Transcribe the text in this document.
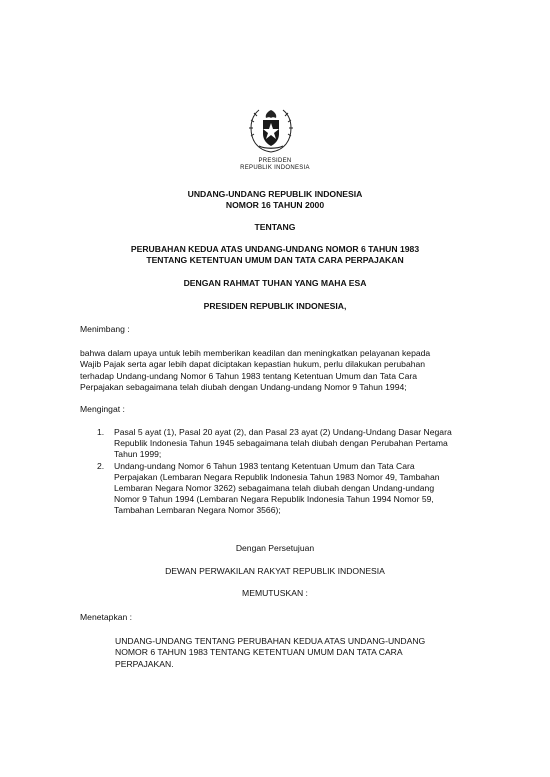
PRESIDEN
REPUBLIK INDONESIA
UNDANG-UNDANG REPUBLIK INDONESIA
NOMOR 16 TAHUN 2000
TENTANG
PERUBAHAN KEDUA ATAS UNDANG-UNDANG NOMOR 6 TAHUN 1983
TENTANG KETENTUAN UMUM DAN TATA CARA PERPAJAKAN
DENGAN RAHMAT TUHAN YANG MAHA ESA
PRESIDEN REPUBLIK INDONESIA,
Menimbang :
bahwa dalam upaya untuk lebih memberikan keadilan dan meningkatkan pelayanan kepada
Wajib Pajak serta agar lebih dapat diciptakan kepastian hukum, perlu dilakukan perubahan
terhadap Undang-undang Nomor 6 Tahun 1983 tentang Ketentuan Umum dan Tata Cara
Perpajakan sebagaimana telah diubah dengan Undang-undang Nomor 9 Tahun 1994;
Mengingat :
1. Pasal 5 ayat (1), Pasal 20 ayat (2), dan Pasal 23 ayat (2) Undang-Undang Dasar Negara
Republik Indonesia Tahun 1945 sebagaimana telah diubah dengan Perubahan Pertama
Tahun 1999;
2. Undang-undang Nomor 6 Tahun 1983 tentang Ketentuan Umum dan Tata Cara
Perpajakan (Lembaran Negara Republik Indonesia Tahun 1983 Nomor 49, Tambahan
Lembaran Negara Nomor 3262) sebagaimana telah diubah dengan Undang-undang
Nomor 9 Tahun 1994 (Lembaran Negara Republik Indonesia Tahun 1994 Nomor 59,
Tambahan Lembaran Negara Nomor 3566);
Dengan Persetujuan
DEWAN PERWAKILAN RAKYAT REPUBLIK INDONESIA
MEMUTUSKAN :
Menetapkan :
UNDANG-UNDANG TENTANG PERUBAHAN KEDUA ATAS UNDANG-UNDANG
NOMOR 6 TAHUN 1983 TENTANG KETENTUAN UMUM DAN TATA CARA
PERPAJAKAN.
